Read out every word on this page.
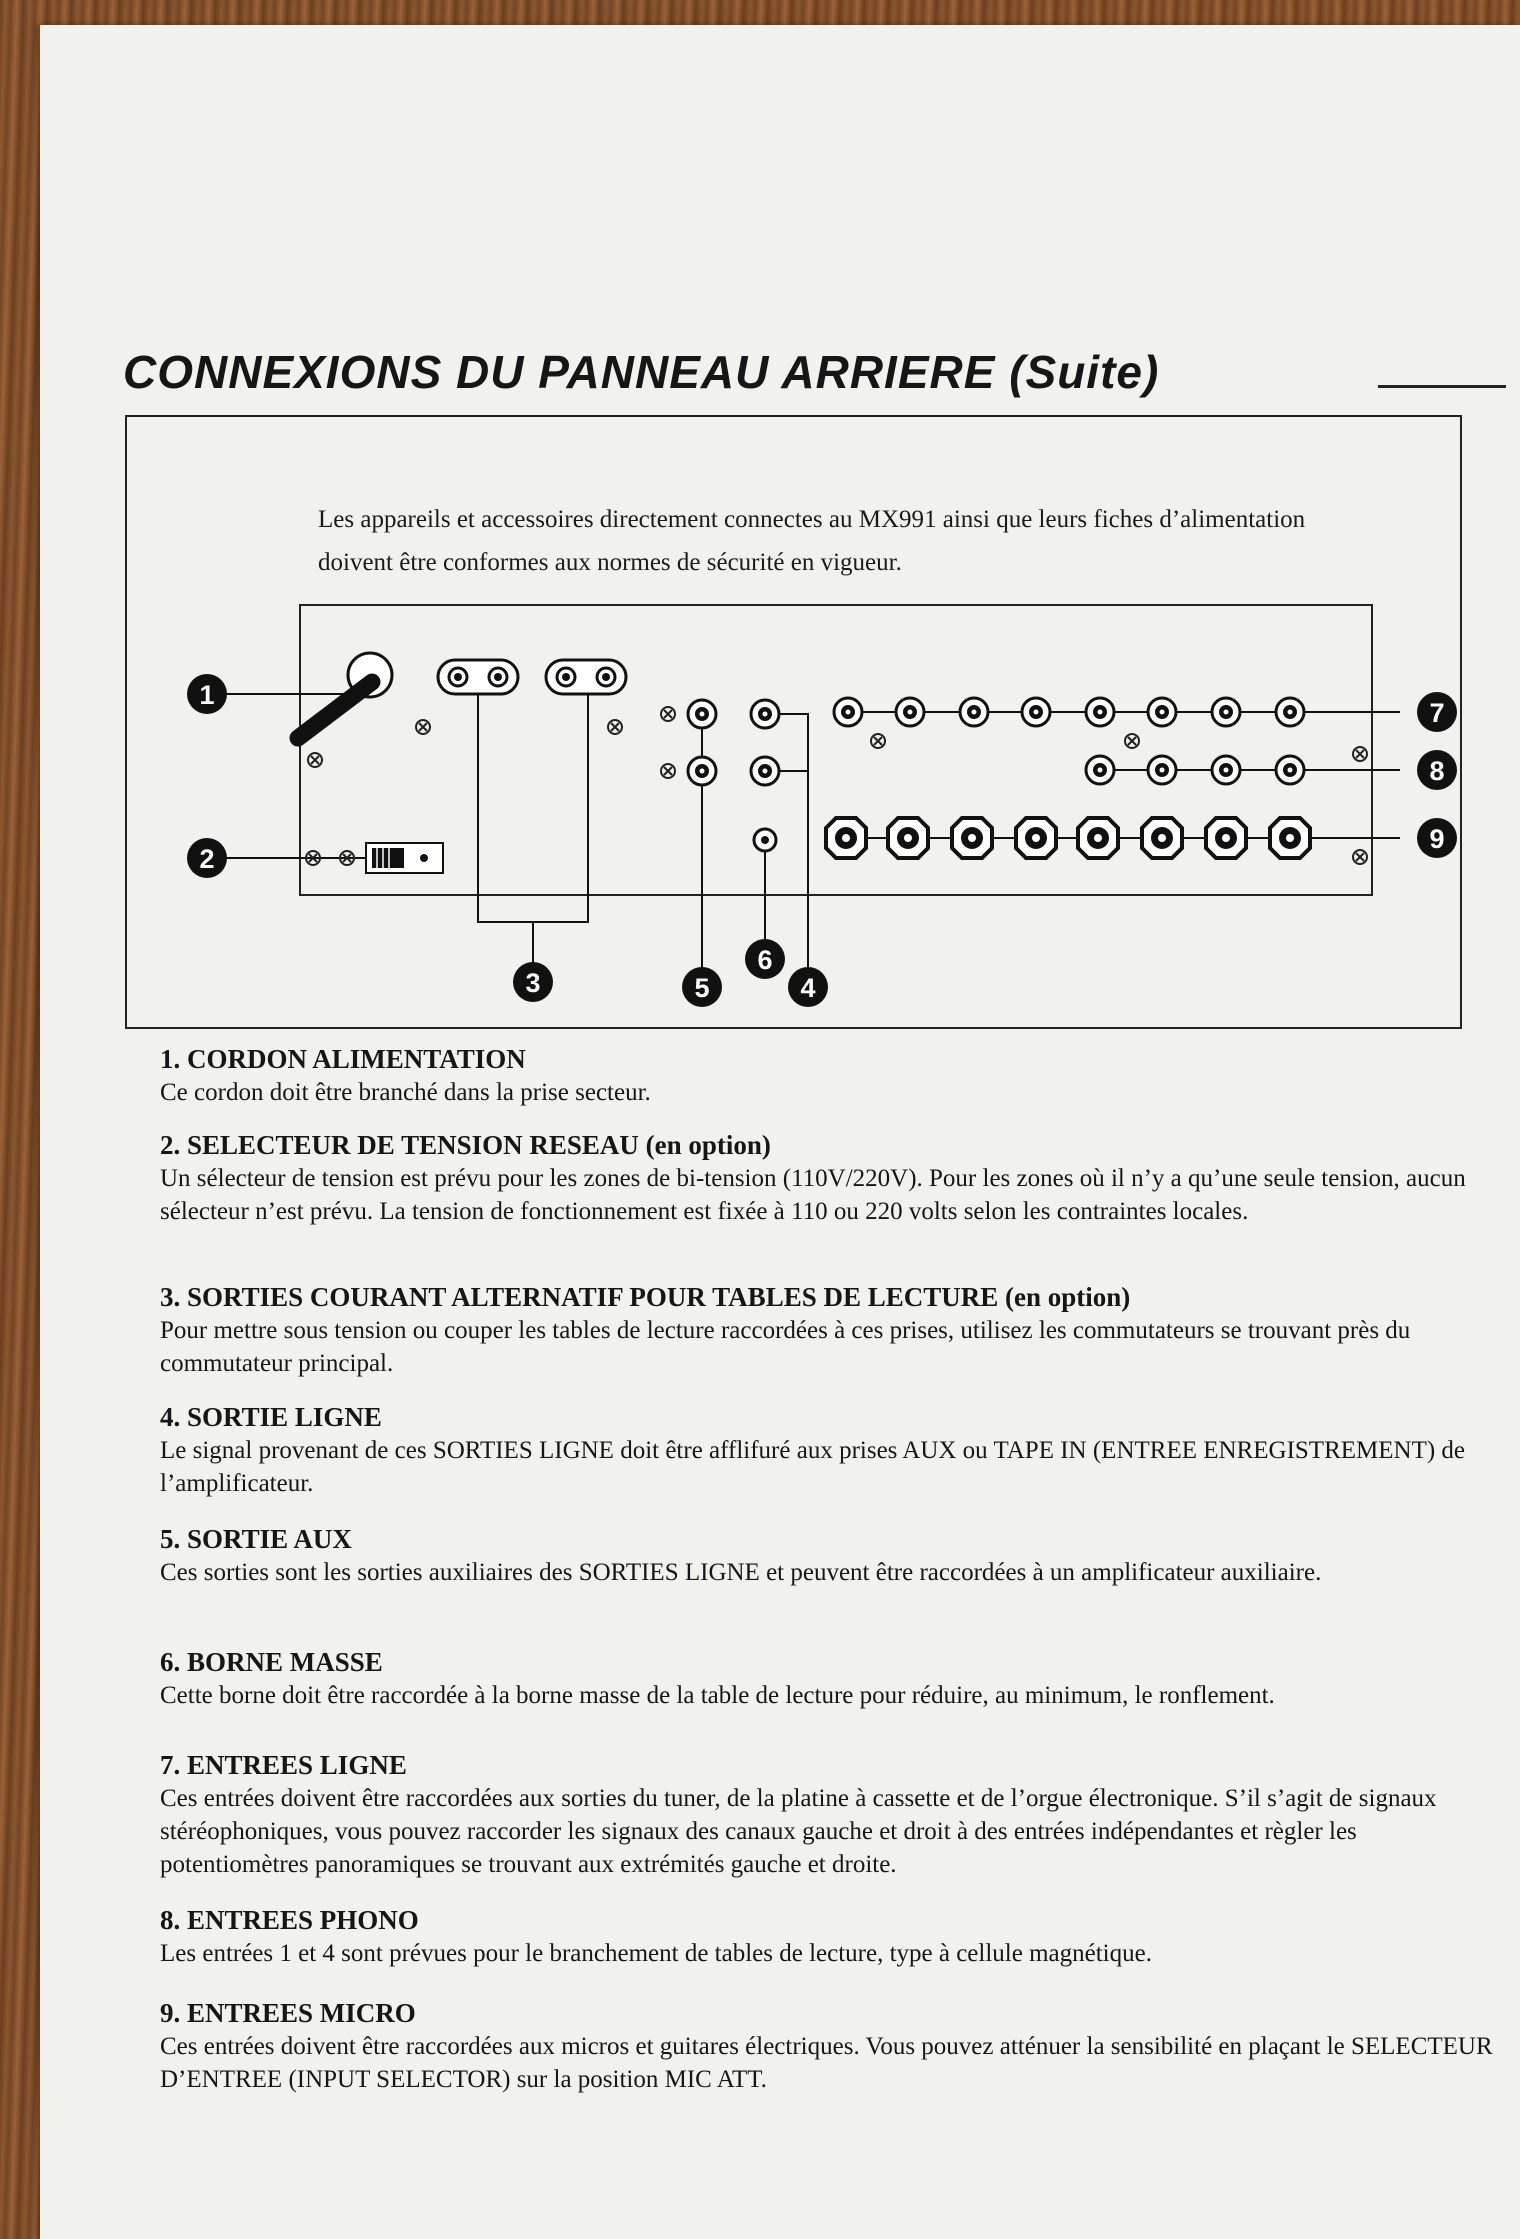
CONNEXIONS DU PANNEAU ARRIERE (Suite)
Les appareils et accessoires directement connectes au MX991 ainsi que leurs fiches d’alimentation doivent être conformes aux normes de sécurité en vigueur.
1
2
3	4
5
6
7
8
9
1. CORDON ALIMENTATION

Ce cordon doit être branché dans la prise secteur.

2. SELECTEUR DE TENSION RESEAU (en option)

Un sélecteur de tension est prévu pour les zones de bi-tension (110V/220V). Pour les zones où il n’y a qu’une seule tension, aucun sélecteur n’est prévu. La tension de fonctionnement est fixée à 110 ou 220 volts selon les contraintes locales.

3. SORTIES COURANT ALTERNATIF POUR TABLES DE LECTURE (en option)

Pour mettre sous tension ou couper les tables de lecture raccordées à ces prises, utilisez les commutateurs se trouvant près du commutateur principal.

4. SORTIE LIGNE

Le signal provenant de ces SORTIES LIGNE doit être afflifuré aux prises AUX ou TAPE IN (ENTREE ENREGISTREMENT) de l’amplificateur.

5. SORTIE AUX

Ces sorties sont les sorties auxiliaires des SORTIES LIGNE et peuvent être raccordées à un amplificateur auxiliaire.

6. BORNE MASSE

Cette borne doit être raccordée à la borne masse de la table de lecture pour réduire, au minimum, le ronflement.

7. ENTREES LIGNE

Ces entrées doivent être raccordées aux sorties du tuner, de la platine à cassette et de l’orgue électronique. S’il s’agit de signaux stéréophoniques, vous pouvez raccorder les signaux des canaux gauche et droit à des entrées indépendantes et règler les potentiomètres panoramiques se trouvant aux extrémités gauche et droite.

8. ENTREES PHONO

Les entrées 1 et 4 sont prévues pour le branchement de tables de lecture, type à cellule magnétique.

9. ENTREES MICRO

Ces entrées doivent être raccordées aux micros et guitares électriques. Vous pouvez atténuer la sensibilité en plaçant le SELECTEUR D’ENTREE (INPUT SELECTOR) sur la position MIC ATT.
